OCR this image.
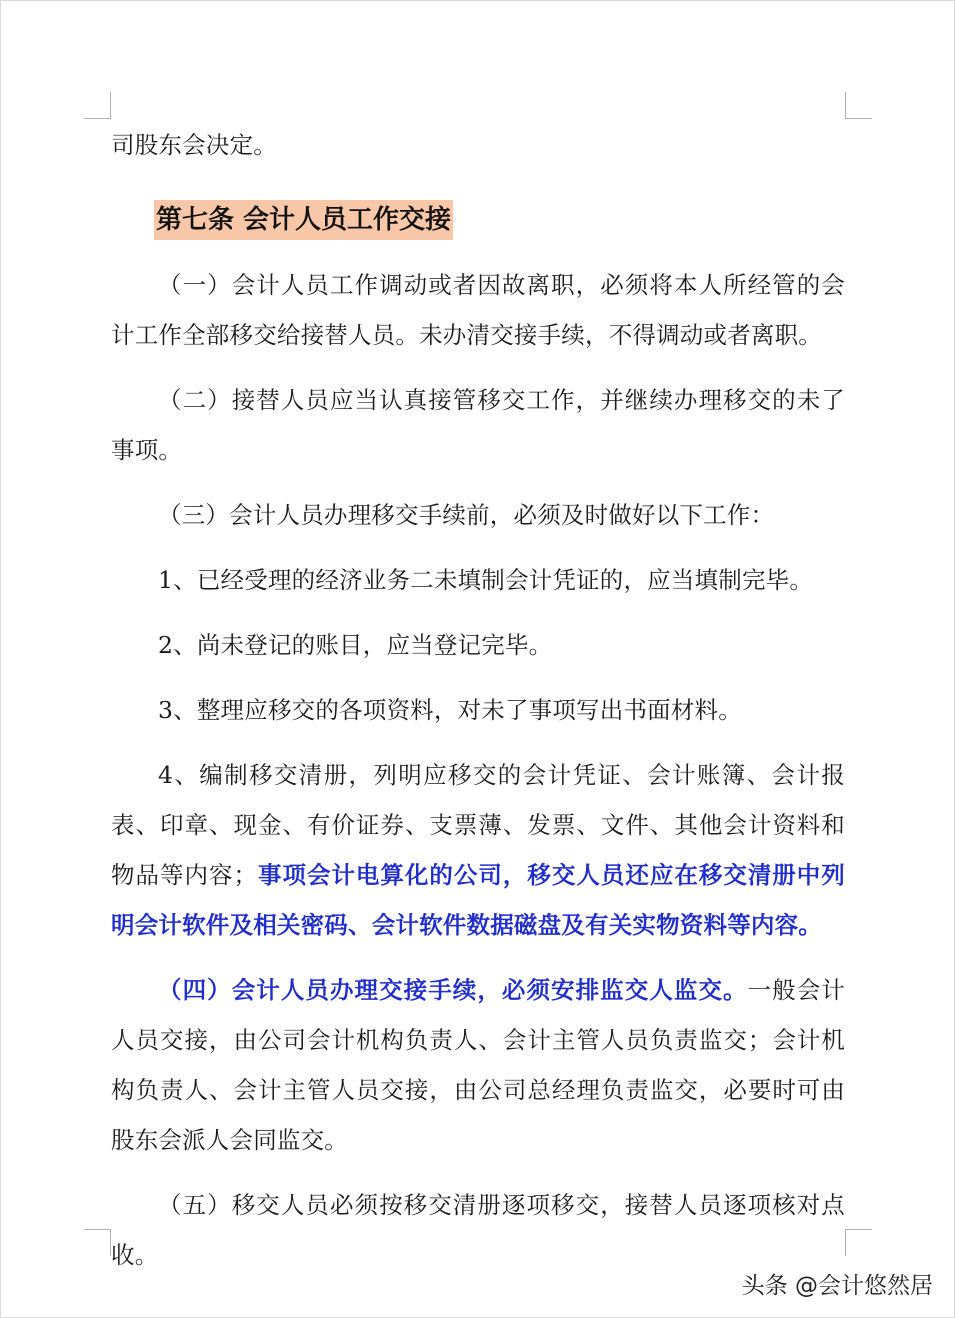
司股东会决定。

第七条 会计人员工作交接

（一）会计人员工作调动或者因故离职，必须将本人所经管的会计工作全部移交给接替人员。未办清交接手续，不得调动或者离职。

（二）接替人员应当认真接管移交工作，并继续办理移交的未了事项。

（三）会计人员办理移交手续前，必须及时做好以下工作：

1、已经受理的经济业务二未填制会计凭证的，应当填制完毕。

2、尚未登记的账目，应当登记完毕。

3、整理应移交的各项资料，对未了事项写出书面材料。

4、编制移交清册，列明应移交的会计凭证、会计账簿、会计报表、印章、现金、有价证券、支票薄、发票、文件、其他会计资料和物品等内容；事项会计电算化的公司，移交人员还应在移交清册中列明会计软件及相关密码、会计软件数据磁盘及有关实物资料等内容。

（四）会计人员办理交接手续，必须安排监交人监交。一般会计人员交接，由公司会计机构负责人、会计主管人员负责监交；会计机构负责人、会计主管人员交接，由公司总经理负责监交，必要时可由股东会派人会同监交。

（五）移交人员必须按移交清册逐项移交，接替人员逐项核对点收。

头条 @会计悠然居
